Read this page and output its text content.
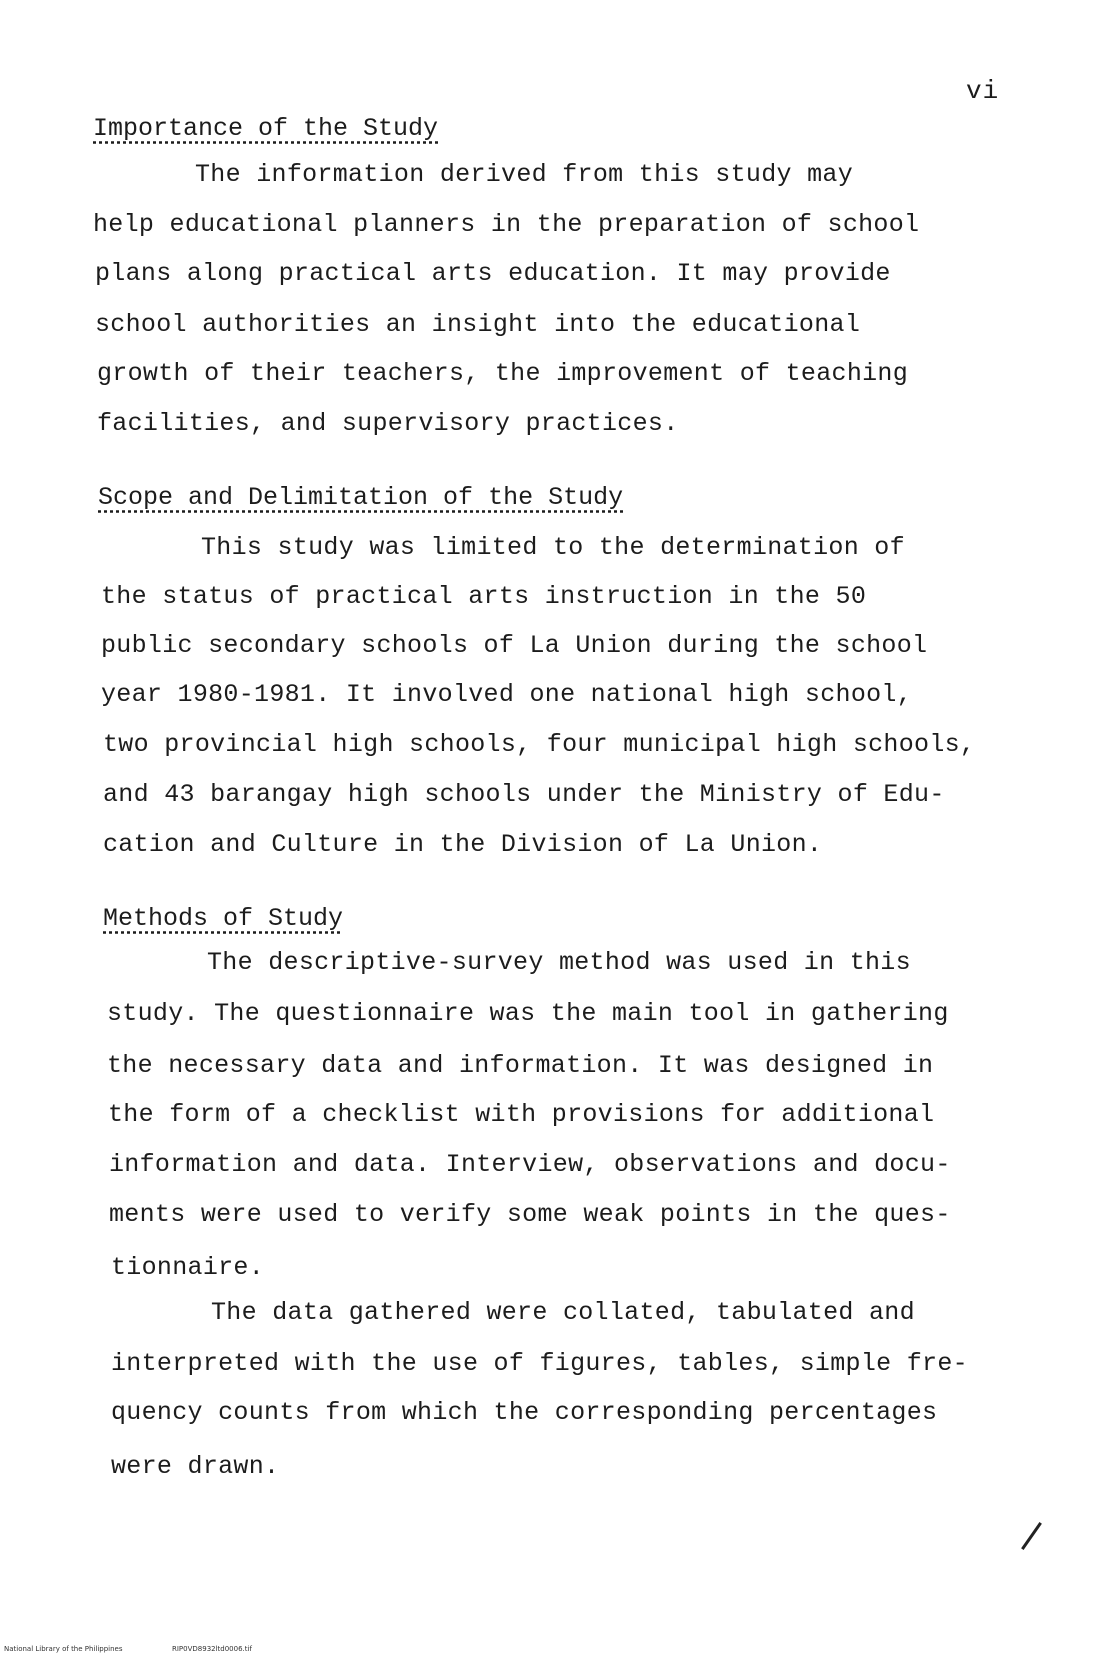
vi
Importance of the Study
The information derived from this study may
help educational planners in the preparation of school
plans along practical arts education. It may provide
school authorities an insight into the educational
growth of their teachers, the improvement of teaching
facilities, and supervisory practices.
Scope and Delimitation of the Study
This study was limited to the determination of
the status of practical arts instruction in the 50
public secondary schools of La Union during the school
year 1980-1981. It involved one national high school,
two provincial high schools, four municipal high schools,
and 43 barangay high schools under the Ministry of Edu-
cation and Culture in the Division of La Union.
Methods of Study
The descriptive-survey method was used in this
study. The questionnaire was the main tool in gathering
the necessary data and information. It was designed in
the form of a checklist with provisions for additional
information and data. Interview, observations and docu-
ments were used to verify some weak points in the ques-
tionnaire.
The data gathered were collated, tabulated and
interpreted with the use of figures, tables, simple fre-
quency counts from which the corresponding percentages
were drawn.
National Library of the Philippines	RIP0VD8932ltd0006.tif
